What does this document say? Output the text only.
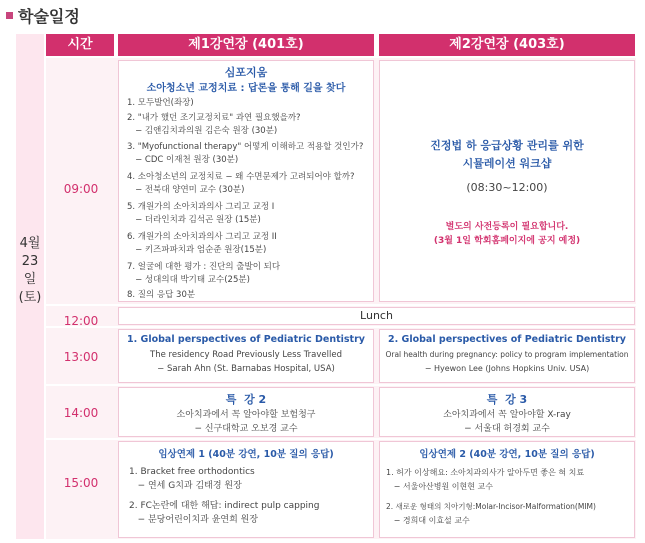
학술일정
4월
23일
(토)
시간	제1강연장 (401호)	제2강연장 (403호)
09:00
12:00
13:00
14:00
15:00
심포지움
소아청소년 교정치료 : 답론을 통해 길을 찾다
1. 모두발언(좌장)
2. "내가 했던 조기교정치료" 과연 필요했을까?
− 김앤김치과의원 김은숙 원장 (30분)
3. "Myofunctional therapy" 어떻게 이해하고 적용할 것인가?
− CDC 이재천 원장 (30분)
4. 소아청소년의 교정치료 − 왜 수면문제가 고려되어야 할까?
− 전북대 양연미 교수 (30분)
5. 개원가의 소아치과의사 그리고 교정 I
− 더라인치과 김석곤 원장 (15분)
6. 개원가의 소아치과의사 그리고 교정 II
− 키즈파파치과 엄순준 원장(15분)
7. 얼굴에 대한 평가 : 진단의 출발이 되다
− 성대의대 박기태 교수(25분)
8. 질의 응답 30분
진정법 하 응급상황 관리를 위한
시뮬레이션 워크샵
(08:30~12:00)
별도의 사전등록이 필요합니다.
(3월 1일 학회홈페이지에 공지 예정)
Lunch
1. Global perspectives of Pediatric Dentistry
The residency Road Previously Less Travelled
− Sarah Ahn (St. Barnabas Hospital, USA)
2. Global perspectives of Pediatric Dentistry
Oral health during pregnancy: policy to program implementation
− Hyewon Lee (Johns Hopkins Univ. USA)
특  강 2
소아치과에서 꼭 알아야할 보험청구
− 신구대학교 오보경 교수
특  강 3
소아치과에서 꼭 알아야할 X-ray
− 서울대 허경회 교수
임상연제 1 (40분 강연, 10분 질의 응답)
1. Bracket free orthodontics
− 연세 G치과 김태경 원장
2. FC논란에 대한 해답: indirect pulp capping
− 분당어린이치과 윤연희 원장
임상연제 2 (40분 강연, 10분 질의 응답)
1. 허가 이상해요: 소아치과의사가 알아두면 좋은 혀 치료
− 서울아산병원 이현현 교수
2. 새로운 형태의 치아기형:Molar-Incisor-Malformation(MIM)
− 경희대 이효설 교수
